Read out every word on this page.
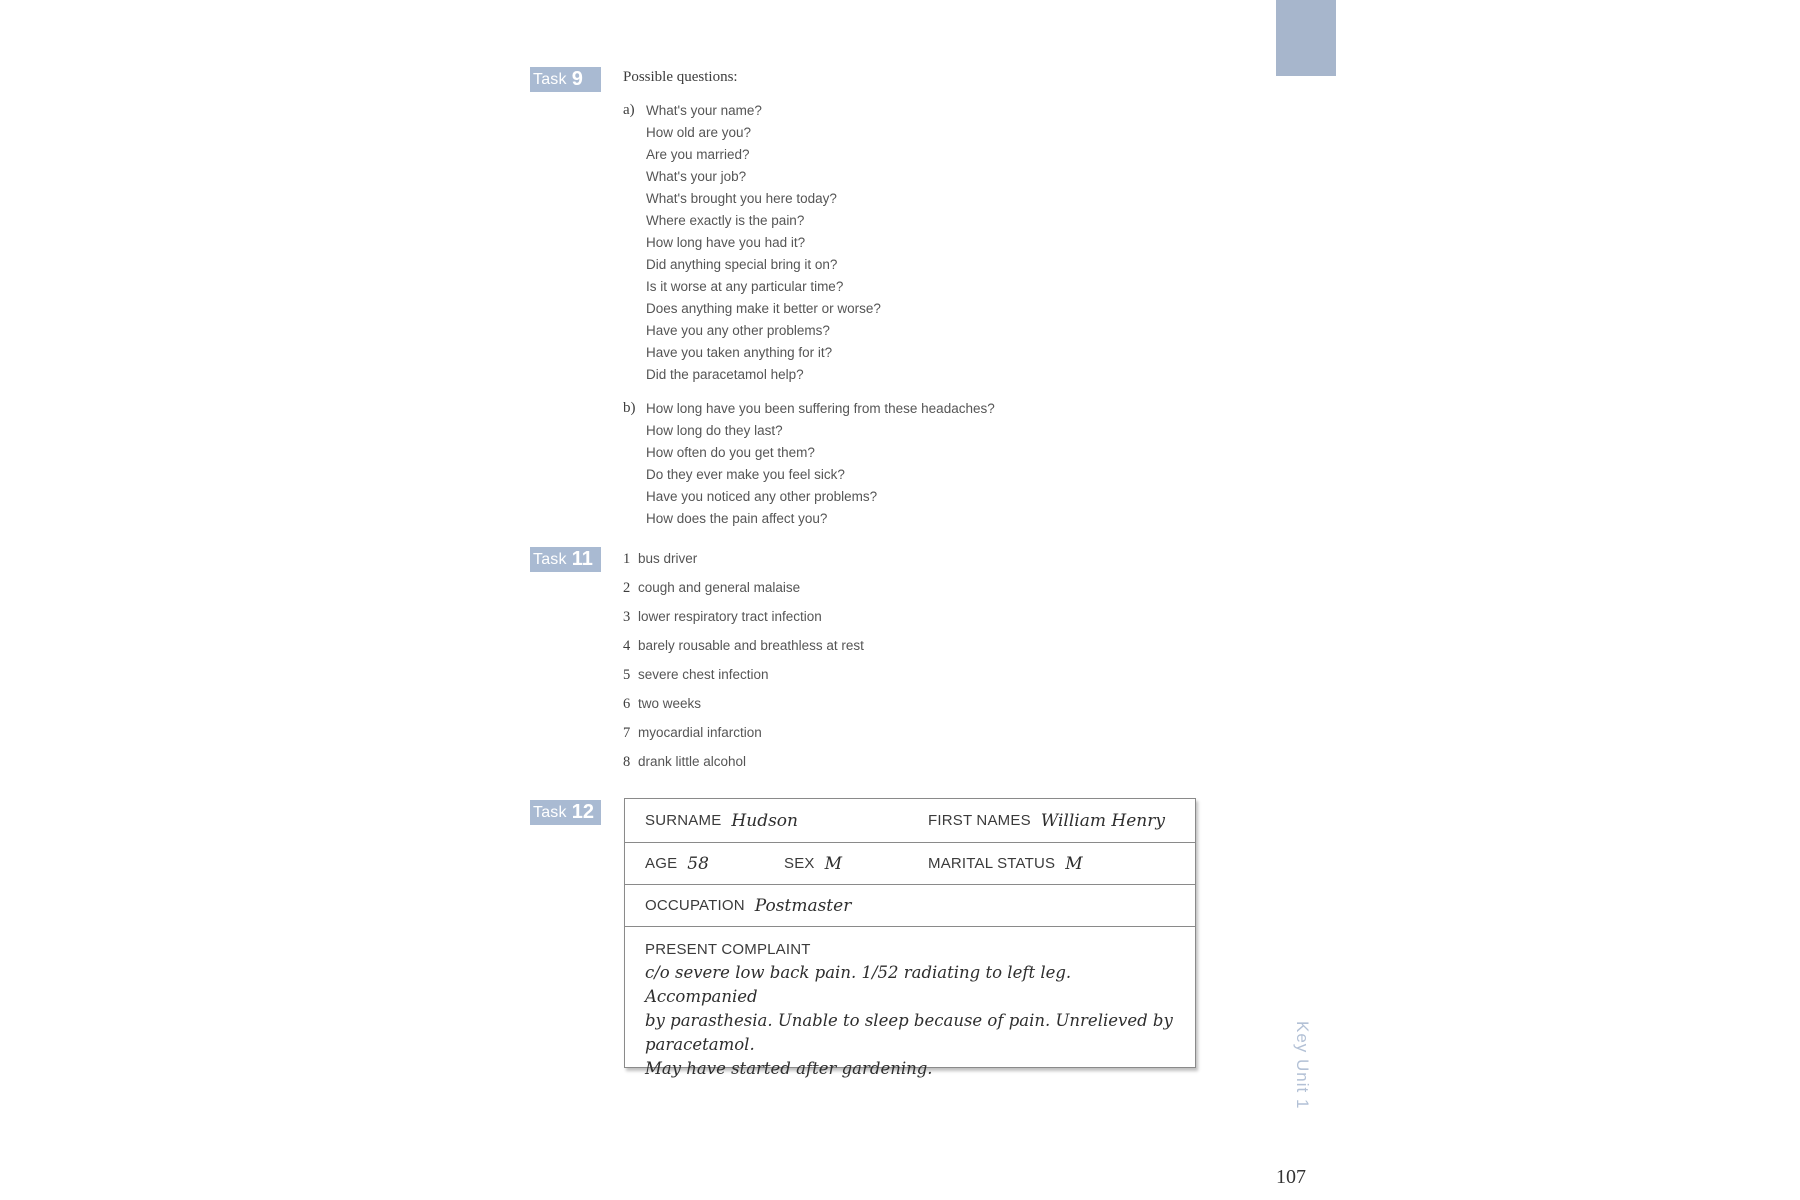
Task 9	Possible questions:
a) What's your name?
How old are you?
Are you married?
What's your job?
What's brought you here today?
Where exactly is the pain?
How long have you had it?
Did anything special bring it on?
Is it worse at any particular time?
Does anything make it better or worse?
Have you any other problems?
Have you taken anything for it?
Did the paracetamol help?
b) How long have you been suffering from these headaches?
How long do they last?
How often do you get them?
Do they ever make you feel sick?
Have you noticed any other problems?
How does the pain affect you?
Task 11 1 bus driver
2 cough and general malaise
3 lower respiratory tract infection
4 barely rousable and breathless at rest
5 severe chest infection
6 two weeks
7 myocardial infarction
8 drank little alcohol
Task 12	SURNAME Hudson	FIRST NAMES William Henry
AGE 58	SEX M	MARITAL STATUS M
OCCUPATION Postmaster
PRESENT COMPLAINT
c/o severe low back pain. 1/52 radiating to left leg. Accompanied
by parasthesia. Unable to sleep because of pain. Unrelieved by
paracetamol.
May have started after gardening.	Key Unit 1
107
